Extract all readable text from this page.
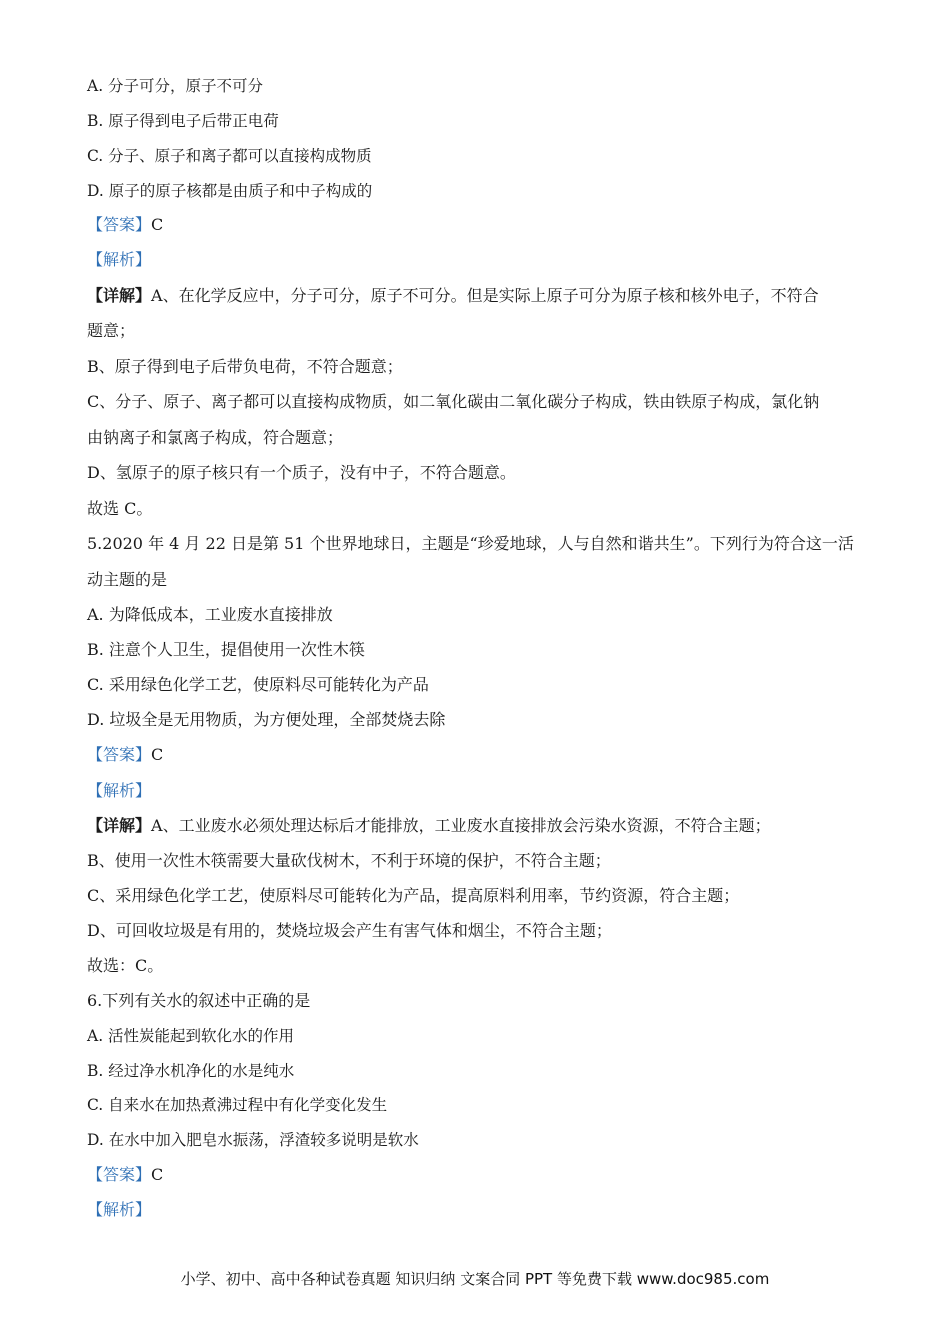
A. 分子可分，原子不可分
B. 原子得到电子后带正电荷
C. 分子、原子和离子都可以直接构成物质
D. 原子的原子核都是由质子和中子构成的
【答案】C
【解析】
【详解】A、在化学反应中，分子可分，原子不可分。但是实际上原子可分为原子核和核外电子，不符合
题意；
B、原子得到电子后带负电荷，不符合题意；
C、分子、原子、离子都可以直接构成物质，如二氧化碳由二氧化碳分子构成，铁由铁原子构成，氯化钠
由钠离子和氯离子构成，符合题意；
D、氢原子的原子核只有一个质子，没有中子，不符合题意。
故选 C。
5.2020 年 4 月 22 日是第 51 个世界地球日，主题是“珍爱地球，人与自然和谐共生”。下列行为符合这一活
动主题的是
A. 为降低成本，工业废水直接排放
B. 注意个人卫生，提倡使用一次性木筷
C. 采用绿色化学工艺，使原料尽可能转化为产品
D. 垃圾全是无用物质，为方便处理，全部焚烧去除
【答案】C
【解析】
【详解】A、工业废水必须处理达标后才能排放，工业废水直接排放会污染水资源，不符合主题；
B、使用一次性木筷需要大量砍伐树木，不利于环境的保护，不符合主题；
C、采用绿色化学工艺，使原料尽可能转化为产品，提高原料利用率，节约资源，符合主题；
D、可回收垃圾是有用的，焚烧垃圾会产生有害气体和烟尘，不符合主题；
故选：C。
6.下列有关水的叙述中正确的是
A. 活性炭能起到软化水的作用
B. 经过净水机净化的水是纯水
C. 自来水在加热煮沸过程中有化学变化发生
D. 在水中加入肥皂水振荡，浮渣较多说明是软水
【答案】C
【解析】
小学、初中、高中各种试卷真题 知识归纳 文案合同 PPT 等免费下载 www.doc985.com
